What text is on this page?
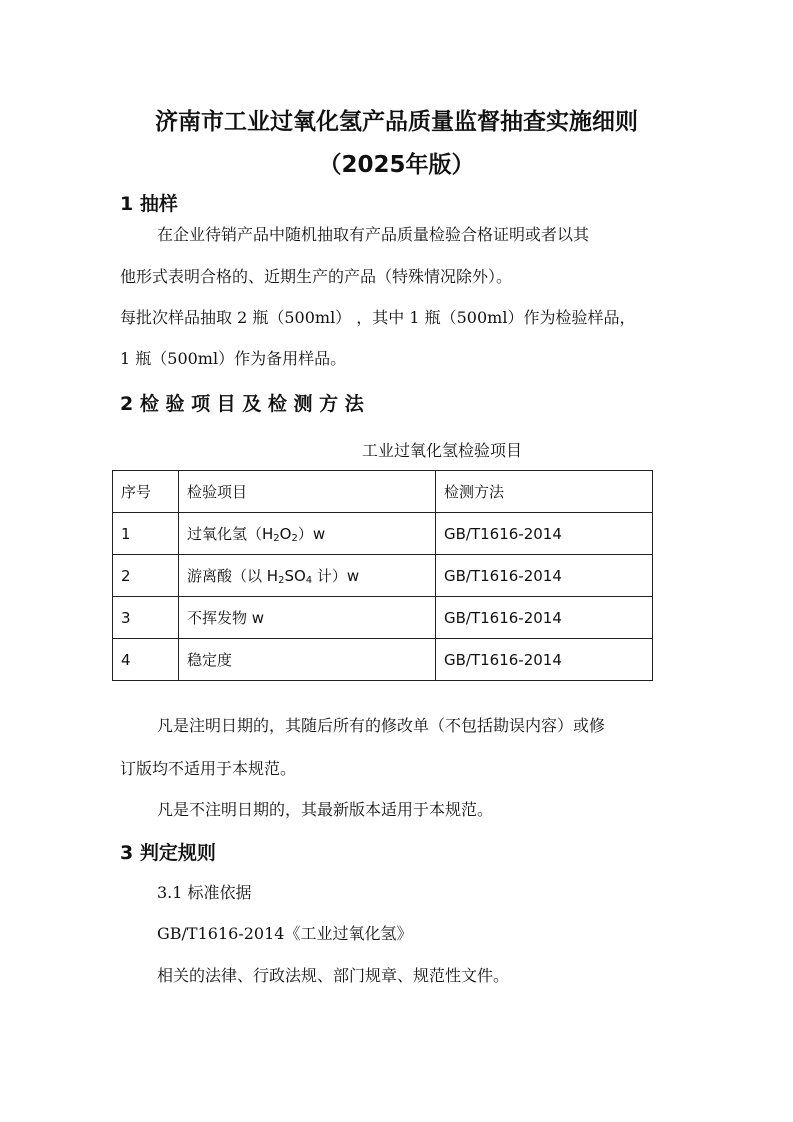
济南市工业过氧化氢产品质量监督抽查实施细则
（2025年版）
1 抽样
在企业待销产品中随机抽取有产品质量检验合格证明或者以其
他形式表明合格的、近期生产的产品（特殊情况除外）。
每批次样品抽取 2 瓶（500ml） ，其中 1 瓶（500ml）作为检验样品，
1 瓶（500ml）作为备用样品。
2 检 验 项 目 及 检 测 方 法
工业过氧化氢检验项目
序号	检验项目	检测方法
1	过氧化氢$(H_2O_2)w$	GB/T1616-2014
2	游离酸（以 $H_2SO_4$ 计）w	GB/T1616-2014
3	不挥发物 w	GB/T1616-2014
4	稳定度	GB/T1616-2014
凡是注明日期的，其随后所有的修改单（不包括勘误内容）或修
订版均不适用于本规范。
凡是不注明日期的，其最新版本适用于本规范。
3 判定规则
3.1 标准依据
GB/T1616-2014《工业过氧化氢》
相关的法律、行政法规、部门规章、规范性文件。
